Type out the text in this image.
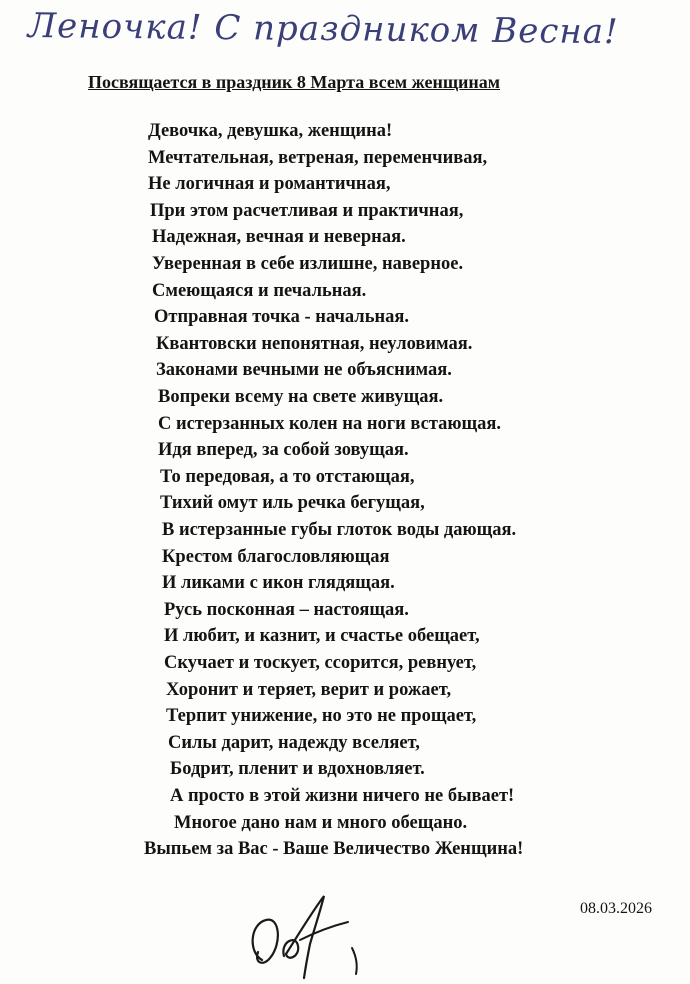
Леночка! С праздником Весна!
Посвящается в праздник 8 Марта всем женщинам
Девочка, девушка, женщина!
Мечтательная, ветреная, переменчивая,
Не логичная и романтичная,
При этом расчетливая и практичная,
Надежная, вечная и неверная.
Уверенная в себе излишне, наверное.
Смеющаяся и печальная.
Отправная точка - начальная.
Квантовски непонятная, неуловимая.
Законами вечными не объяснимая.
Вопреки всему на свете живущая.
С истерзанных колен на ноги встающая.
Идя вперед, за собой зовущая.
То передовая, а то отстающая,
Тихий омут иль речка бегущая,
В истерзанные губы глоток воды дающая.
Крестом благословляющая
И ликами с икон глядящая.
Русь посконная – настоящая.
И любит, и казнит, и счастье обещает,
Скучает и тоскует, ссорится, ревнует,
Хоронит и теряет, верит и рожает,
Терпит унижение, но это не прощает,
Силы дарит, надежду вселяет,
Бодрит, пленит и вдохновляет.
А просто в этой жизни ничего не бывает!
Многое дано нам и много обещано.
Выпьем за Вас - Ваше Величество Женщина!
08.03.2026
